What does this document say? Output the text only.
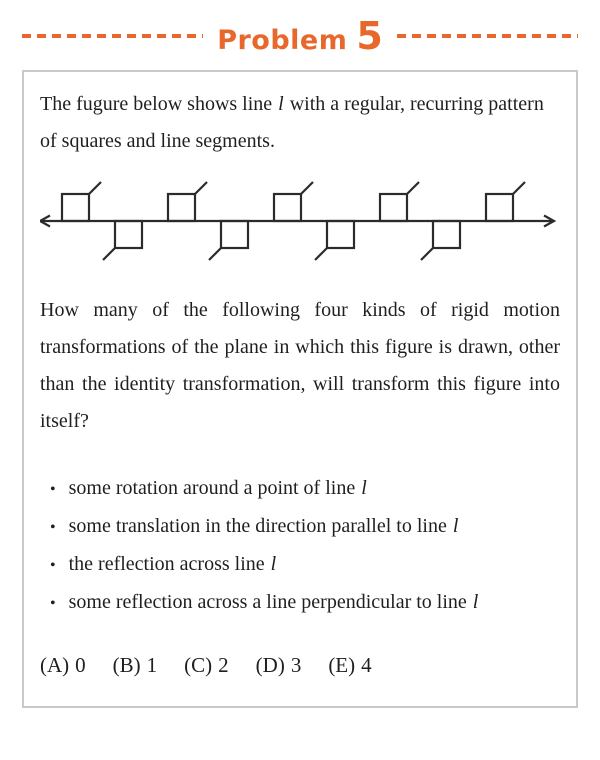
Problem 5

The fugure below shows line l with a regular, recurring pattern of squares and line segments.

How many of the following four kinds of rigid motion transformations of the plane in which this figure is drawn, other than the identity transformation, will transform this figure into itself?

• some rotation around a point of line l
• some translation in the direction parallel to line l
• the reflection across line l
• some reflection across a line perpendicular to line l
(A) 0 (B) 1 (C) 2 (D) 3 (E) 4
